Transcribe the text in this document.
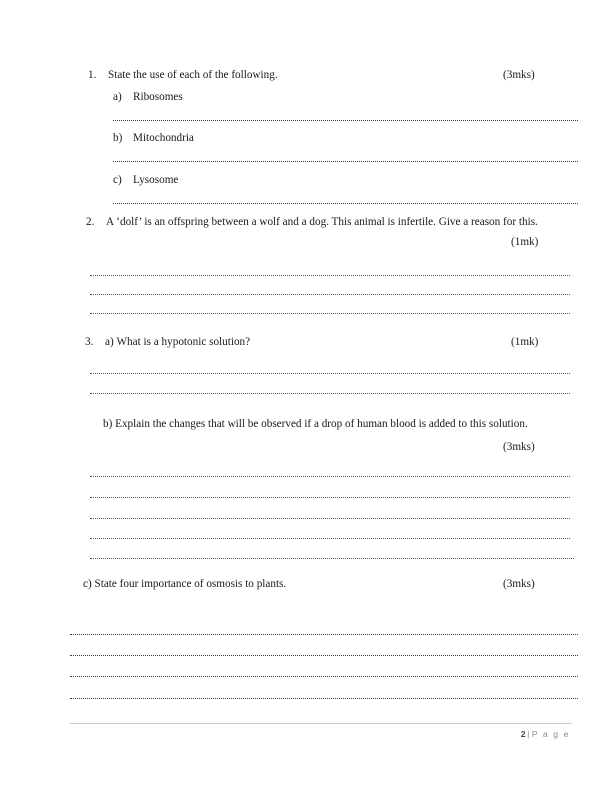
1.	State the use of each of the following.	(3mks)
a)	Ribosomes
b) Mitochondria
c)	Lysosome
2.	A ‘dolf’ is an offspring between a wolf and a dog. This animal is infertile. Give a reason for this.
(1mk)
3.	a) What is a hypotonic solution?	(1mk)
b) Explain the changes that will be observed if a drop of human blood is added to this solution.
(3mks)
c) State four importance of osmosis to plants.	(3mks)
2 | P a g e
